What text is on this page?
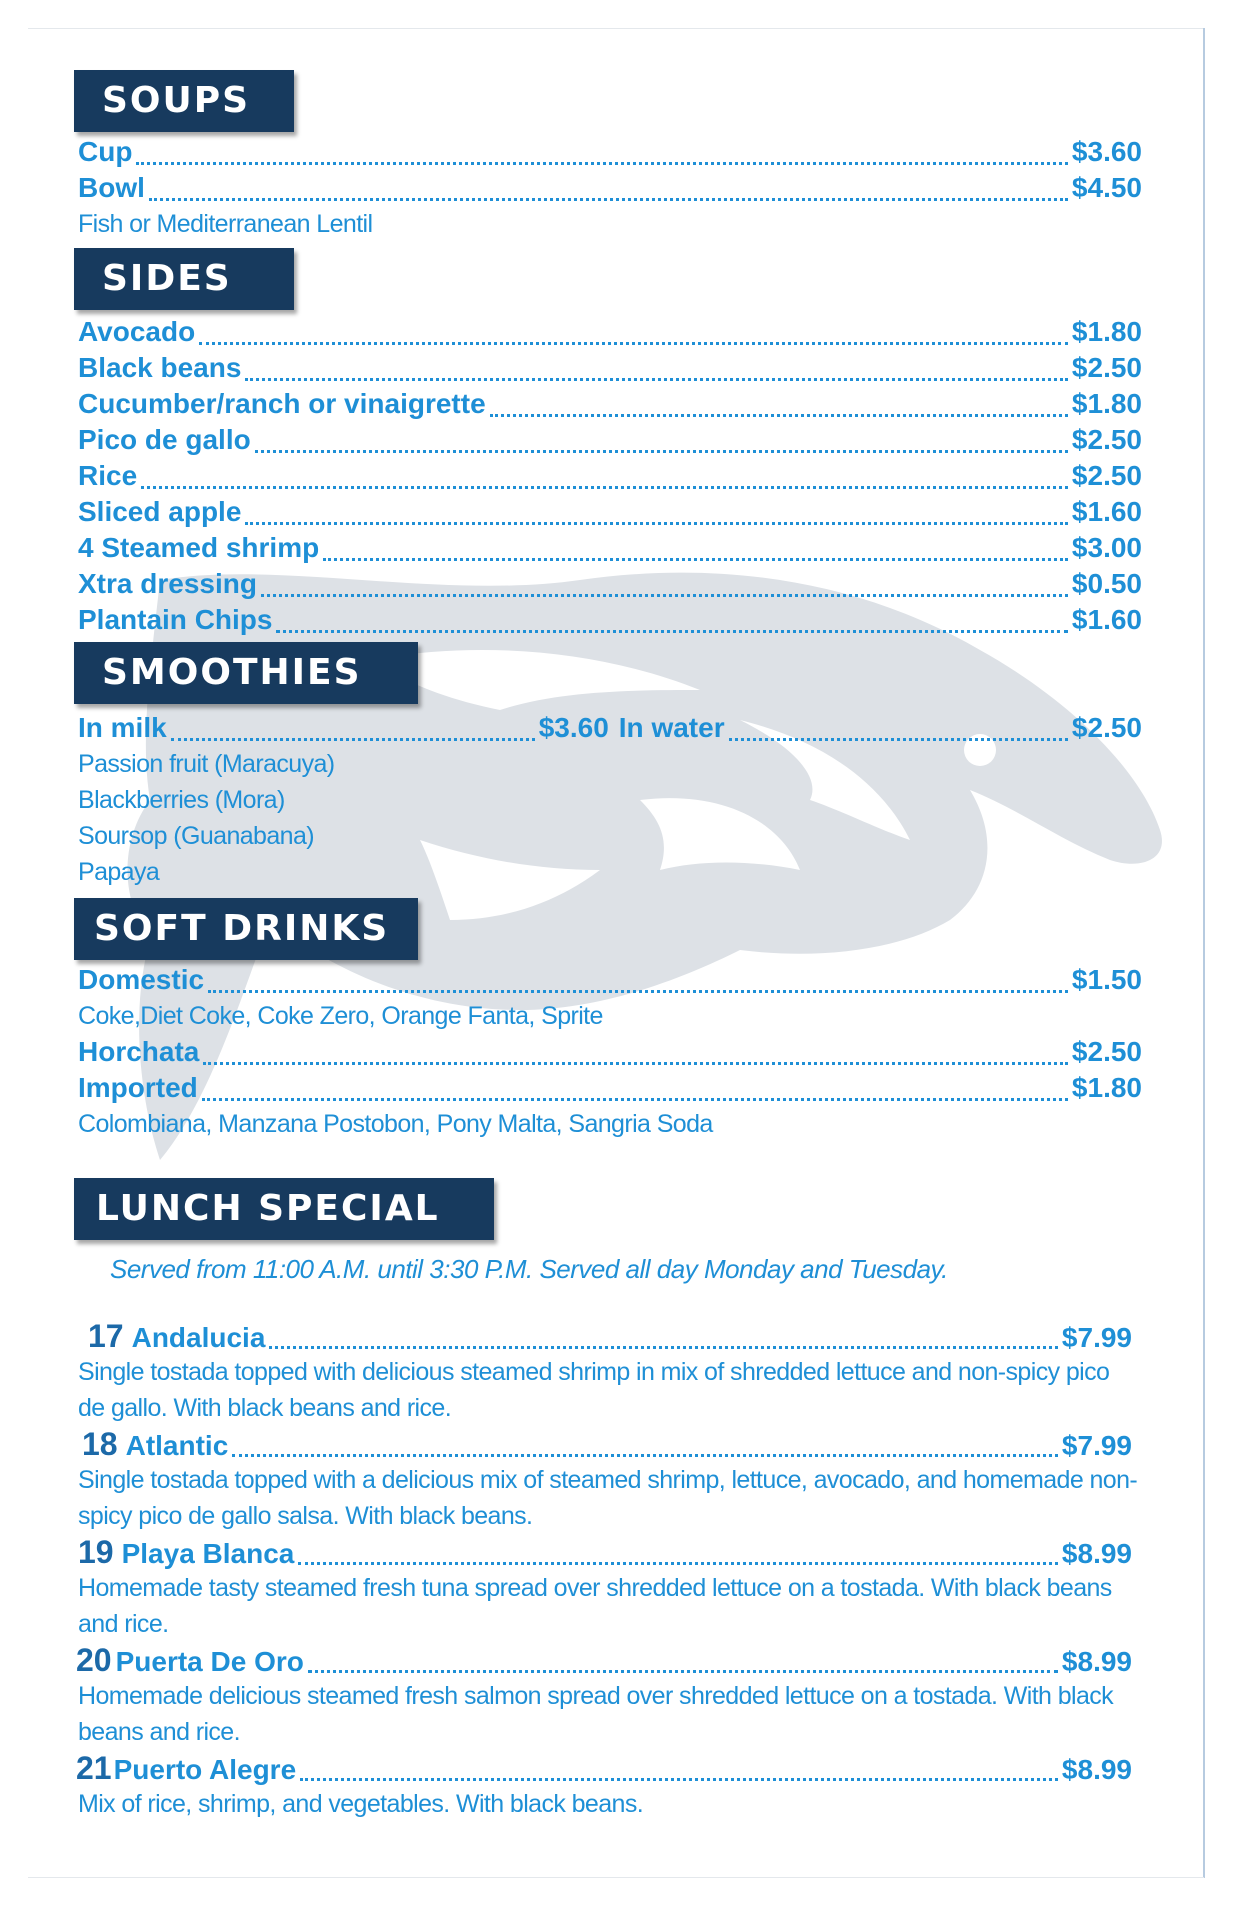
SOUPS
Cup	$3.60
Bowl	$4.50
Fish or Mediterranean Lentil
SIDES
Avocado	$1.80
Black beans	$2.50
Cucumber/ranch or vinaigrette	$1.80
Pico de gallo	$2.50
Rice	$2.50
Sliced apple	$1.60
4 Steamed shrimp	$3.00
Xtra dressing	$0.50
Plantain Chips	$1.60
SMOOTHIES
In milk	$3.60 In water	$2.50
Passion fruit (Maracuya)
Blackberries (Mora)
Soursop (Guanabana)
Papaya
SOFT DRINKS
Domestic	$1.50
Coke,Diet Coke, Coke Zero, Orange Fanta, Sprite
Horchata	$2.50
Imported	$1.80
Colombiana, Manzana Postobon, Pony Malta, Sangria Soda
LUNCH SPECIAL
Served from 11:00 A.M. until 3:30 P.M. Served all day Monday and Tuesday.
17 Andalucia	$7.99
Single tostada topped with delicious steamed shrimp in mix of shredded lettuce and non-spicy pico de gallo. With black beans and rice.
18 Atlantic	$7.99
Single tostada topped with a delicious mix of steamed shrimp, lettuce, avocado, and homemade non-spicy pico de gallo salsa. With black beans.
19 Playa Blanca	$8.99
Homemade tasty steamed fresh tuna spread over shredded lettuce on a tostada. With black beans and rice.
20 Puerta De Oro	$8.99
Homemade delicious steamed fresh salmon spread over shredded lettuce on a tostada. With black beans and rice.
21 Puerto Alegre	$8.99
Mix of rice, shrimp, and vegetables. With black beans.
